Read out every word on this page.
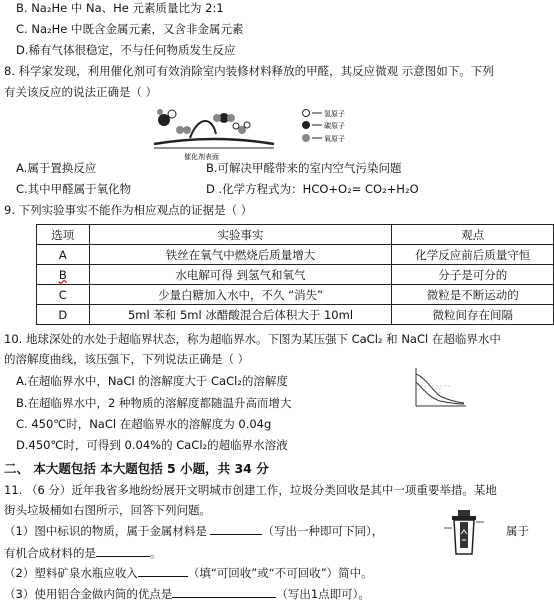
B. Na₂He 中 Na、He 元素质量比为 2:1
C. Na₂He 中既含金属元素，又含非金属元素
D.稀有气体很稳定，不与任何物质发生反应
8. 科学家发现，利用催化剂可有效消除室内装修材料释放的甲醛，其反应微观 示意图如下。下列
有关该反应的说法正确是（ ）
催化剂表面
氢原子
碳原子
氧原子
A.属于置换反应	B.可解决甲醛带来的室内空气污染问题
C.其中甲醛属于氧化物	D .化学方程式为：HCO+O₂= CO₂+H₂O
9. 下列实验事实不能作为相应观点的证据是（ ）
选项	实验事实	观点
A	铁丝在氧气中燃烧后质量增大	化学反应前后质量守恒
B	水电解可得 到氢气和氧气	分子是可分的
C	少量白糖加入水中，不久 “消失”	微粒是不断运动的
D	5ml 苯和 5ml 冰醋酸混合后体积大于 10ml	微粒间存在间隔
10. 地球深处的水处于超临界状态，称为超临界水。下图为某压强下 CaCl₂ 和 NaCl 在超临界水中
的溶解度曲线，该压强下，下列说法正确是（ ）
A.在超临界水中，NaCl 的溶解度大于 CaCl₂的溶解度
B.在超临界水中，2 种物质的溶解度都随温升高而增大
C. 450℃时，NaCl 在超临界水的溶解度为 0.04g
D.450℃时，可得到 0.04%的 CaCl₂的超临界水溶液
二、 本大题包括 本大题包括 5 小题，共 34 分
11. （6 分）近年我省多地纷纷展开文明城市创建工作，垃圾分类回收是其中一项重要举措。某地
街头垃圾桶如右图所示，回答下列问题。
（1）图中标识的物质，属于金属材料是	（写出一种即可下同），	属于
有机合成材料的是	。
（2）塑料矿泉水瓶应收入	（填“可回收”或“不可回收”）简中。
（3）使用铝合金做内筒的优点是	（写出1点即可）。
